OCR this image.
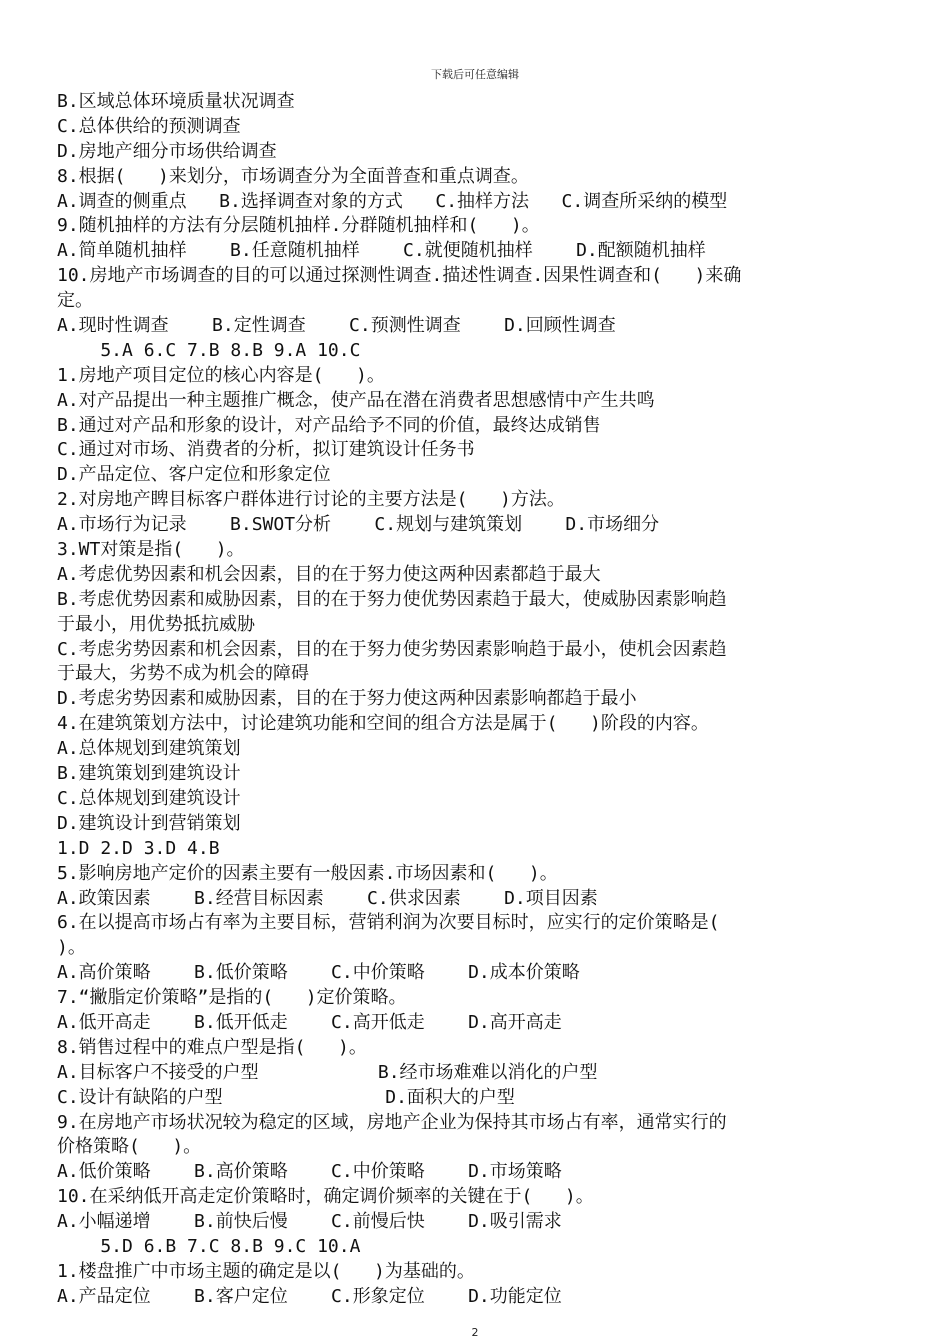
下载后可任意编辑
B.区域总体环境质量状况调查
C.总体供给的预测调查
D.房地产细分市场供给调查
8.根据(   )来划分，市场调查分为全面普查和重点调查。
A.调查的侧重点   B.选择调查对象的方式   C.抽样方法   C.调查所采纳的模型
9.随机抽样的方法有分层随机抽样.分群随机抽样和(   )。
A.简单随机抽样    B.任意随机抽样    C.就便随机抽样    D.配额随机抽样
10.房地产市场调查的目的可以通过探测性调查.描述性调查.因果性调查和(   )来确
定。
A.现时性调查    B.定性调查    C.预测性调查    D.回顾性调查
5.A 6.C 7.B 8.B 9.A 10.C
1.房地产项目定位的核心内容是(   )。
A.对产品提出一种主题推广概念，使产品在潜在消费者思想感情中产生共鸣
B.通过对产品和形象的设计，对产品给予不同的价值，最终达成销售
C.通过对市场、消费者的分析，拟订建筑设计任务书
D.产品定位、客户定位和形象定位
2.对房地产睥目标客户群体进行讨论的主要方法是(   )方法。
A.市场行为记录    B.SWOT分析    C.规划与建筑策划    D.市场细分
3.WT对策是指(   )。
A.考虑优势因素和机会因素，目的在于努力使这两种因素都趋于最大
B.考虑优势因素和威胁因素，目的在于努力使优势因素趋于最大，使威胁因素影响趋
于最小，用优势抵抗威胁
C.考虑劣势因素和机会因素，目的在于努力使劣势因素影响趋于最小，使机会因素趋
于最大，劣势不成为机会的障碍
D.考虑劣势因素和威胁因素，目的在于努力使这两种因素影响都趋于最小
4.在建筑策划方法中，讨论建筑功能和空间的组合方法是属于(   )阶段的内容。
A.总体规划到建筑策划
B.建筑策划到建筑设计
C.总体规划到建筑设计
D.建筑设计到营销策划
1.D 2.D 3.D 4.B
5.影响房地产定价的因素主要有一般因素.市场因素和(   )。
A.政策因素    B.经营目标因素    C.供求因素    D.项目因素
6.在以提高市场占有率为主要目标，营销利润为次要目标时，应实行的定价策略是(
)。
A.高价策略    B.低价策略    C.中价策略    D.成本价策略
7.“撇脂定价策略”是指的(   )定价策略。
A.低开高走    B.低开低走    C.高开低走    D.高开高走
8.销售过程中的难点户型是指(   )。
A.目标客户不接受的户型           B.经市场难难以消化的户型
C.设计有缺陷的户型               D.面积大的户型
9.在房地产市场状况较为稳定的区域，房地产企业为保持其市场占有率，通常实行的
价格策略(   )。
A.低价策略    B.高价策略    C.中价策略    D.市场策略
10.在采纳低开高走定价策略时，确定调价频率的关键在于(   )。
A.小幅递增    B.前快后慢    C.前慢后快    D.吸引需求
5.D 6.B 7.C 8.B 9.C 10.A
1.楼盘推广中市场主题的确定是以(   )为基础的。
A.产品定位    B.客户定位    C.形象定位    D.功能定位
2
